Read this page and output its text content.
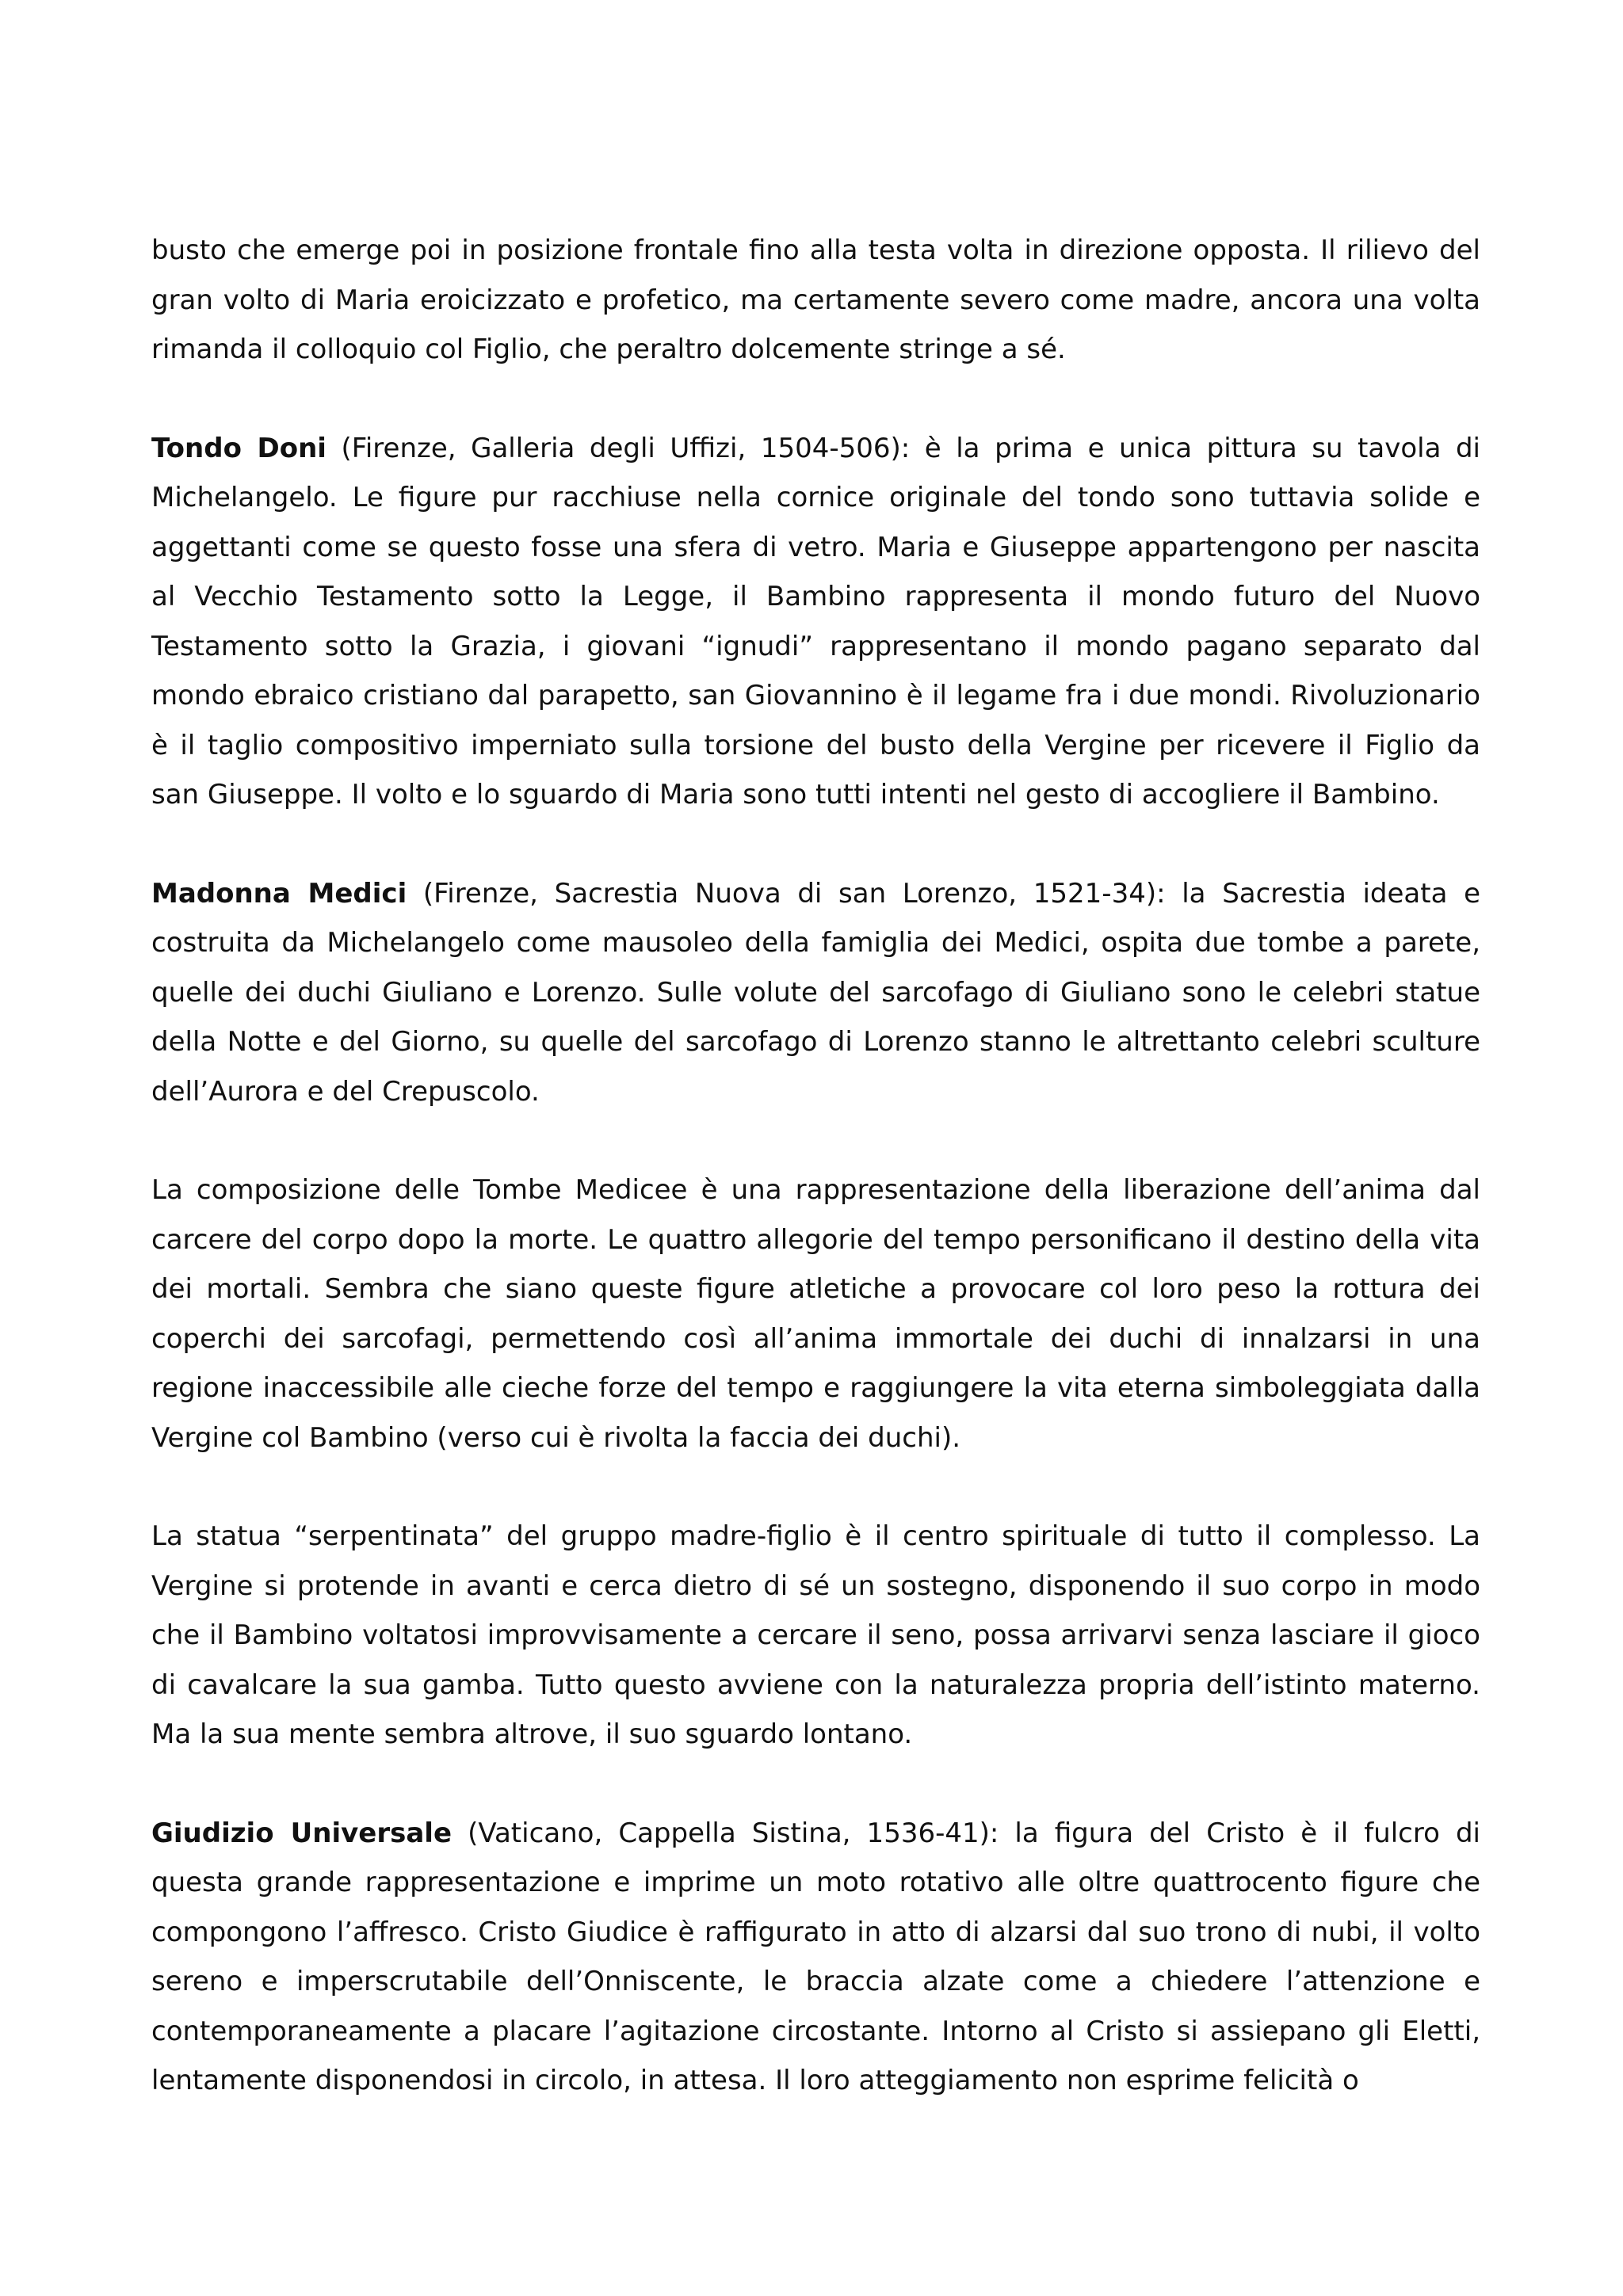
busto che emerge poi in posizione frontale fino alla testa volta in direzione opposta. Il rilievo del gran volto di Maria eroicizzato e profetico, ma certamente severo come madre, ancora una volta rimanda il colloquio col Figlio, che peraltro dolcemente stringe a sé.

Tondo Doni (Firenze, Galleria degli Uffizi, 1504-506): è la prima e unica pittura su tavola di Michelangelo. Le figure pur racchiuse nella cornice originale del tondo sono tuttavia solide e aggettanti come se questo fosse una sfera di vetro. Maria e Giuseppe appartengono per nascita al Vecchio Testamento sotto la Legge, il Bambino rappresenta il mondo futuro del Nuovo Testamento sotto la Grazia, i giovani “ignudi” rappresentano il mondo pagano separato dal mondo ebraico cristiano dal parapetto, san Giovannino è il legame fra i due mondi. Rivoluzionario è il taglio compositivo imperniato sulla torsione del busto della Vergine per ricevere il Figlio da san Giuseppe. Il volto e lo sguardo di Maria sono tutti intenti nel gesto di accogliere il Bambino.

Madonna Medici (Firenze, Sacrestia Nuova di san Lorenzo, 1521-34): la Sacrestia ideata e costruita da Michelangelo come mausoleo della famiglia dei Medici, ospita due tombe a parete, quelle dei duchi Giuliano e Lorenzo. Sulle volute del sarcofago di Giuliano sono le celebri statue della Notte e del Giorno, su quelle del sarcofago di Lorenzo stanno le altrettanto celebri sculture dell’Aurora e del Crepuscolo.

La composizione delle Tombe Medicee è una rappresentazione della liberazione dell’anima dal carcere del corpo dopo la morte. Le quattro allegorie del tempo personificano il destino della vita dei mortali. Sembra che siano queste figure atletiche a provocare col loro peso la rottura dei coperchi dei sarcofagi, permettendo così all’anima immortale dei duchi di innalzarsi in una regione inaccessibile alle cieche forze del tempo e raggiungere la vita eterna simboleggiata dalla Vergine col Bambino (verso cui è rivolta la faccia dei duchi).

La statua “serpentinata” del gruppo madre-figlio è il centro spirituale di tutto il complesso. La Vergine si protende in avanti e cerca dietro di sé un sostegno, disponendo il suo corpo in modo che il Bambino voltatosi improvvisamente a cercare il seno, possa arrivarvi senza lasciare il gioco di cavalcare la sua gamba. Tutto questo avviene con la naturalezza propria dell’istinto materno. Ma la sua mente sembra altrove, il suo sguardo lontano.

Giudizio Universale (Vaticano, Cappella Sistina, 1536-41): la figura del Cristo è il fulcro di questa grande rappresentazione e imprime un moto rotativo alle oltre quattrocento figure che compongono l’affresco. Cristo Giudice è raffigurato in atto di alzarsi dal suo trono di nubi, il volto sereno e imperscrutabile dell’Onniscente, le braccia alzate come a chiedere l’attenzione e contemporaneamente a placare l’agitazione circostante. Intorno al Cristo si assiepano gli Eletti, lentamente disponendosi in circolo, in attesa. Il loro atteggiamento non esprime felicità o
